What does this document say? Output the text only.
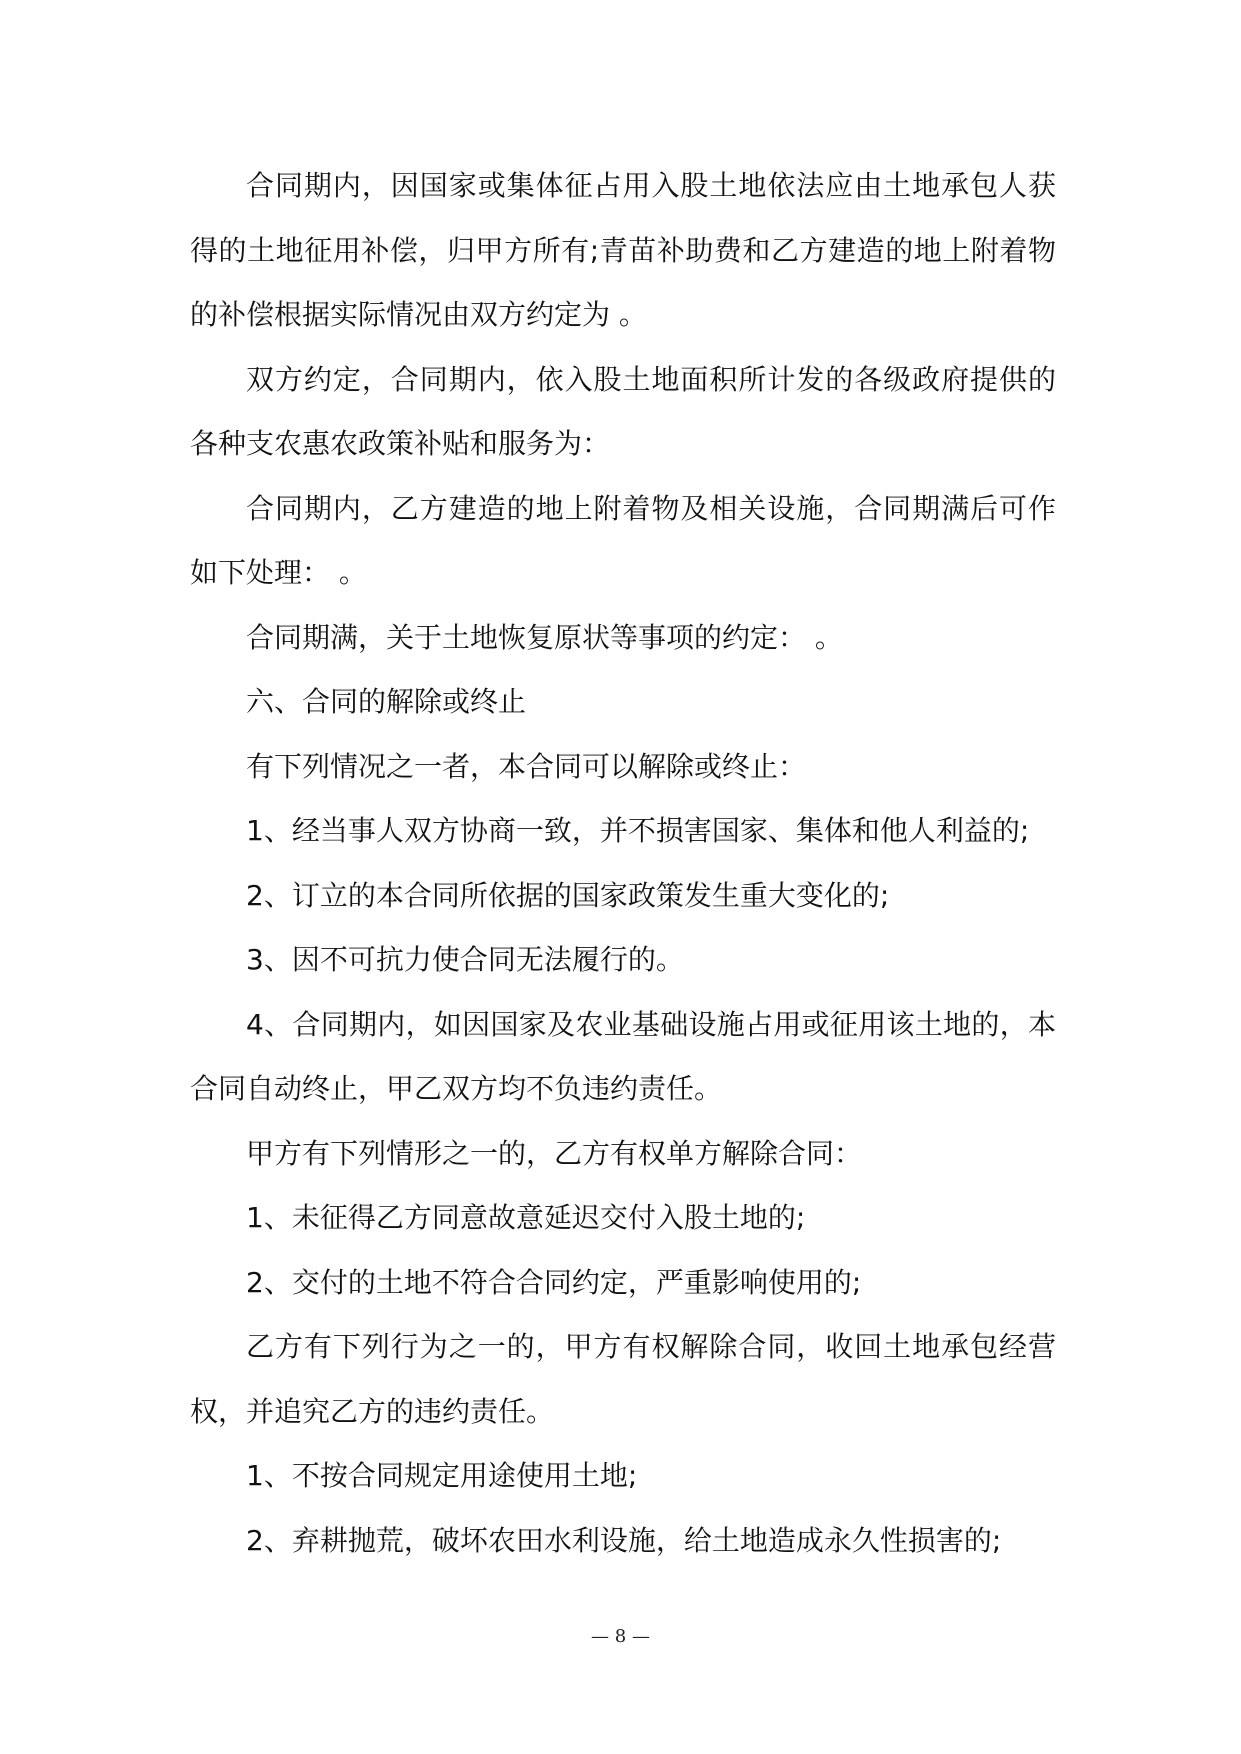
合同期内，因国家或集体征占用入股土地依法应由土地承包人获得的土地征用补偿，归甲方所有;青苗补助费和乙方建造的地上附着物的补偿根据实际情况由双方约定为 。

双方约定，合同期内，依入股土地面积所计发的各级政府提供的各种支农惠农政策补贴和服务为：

合同期内，乙方建造的地上附着物及相关设施，合同期满后可作如下处理： 。

合同期满，关于土地恢复原状等事项的约定： 。

六、合同的解除或终止

有下列情况之一者，本合同可以解除或终止：

1、经当事人双方协商一致，并不损害国家、集体和他人利益的;

2、订立的本合同所依据的国家政策发生重大变化的;

3、因不可抗力使合同无法履行的。

4、合同期内，如因国家及农业基础设施占用或征用该土地的，本合同自动终止，甲乙双方均不负违约责任。

甲方有下列情形之一的，乙方有权单方解除合同：

1、未征得乙方同意故意延迟交付入股土地的;

2、交付的土地不符合合同约定，严重影响使用的;

乙方有下列行为之一的，甲方有权解除合同，收回土地承包经营权，并追究乙方的违约责任。

1、不按合同规定用途使用土地;

2、弃耕抛荒，破坏农田水利设施，给土地造成永久性损害的;

— 8 —
